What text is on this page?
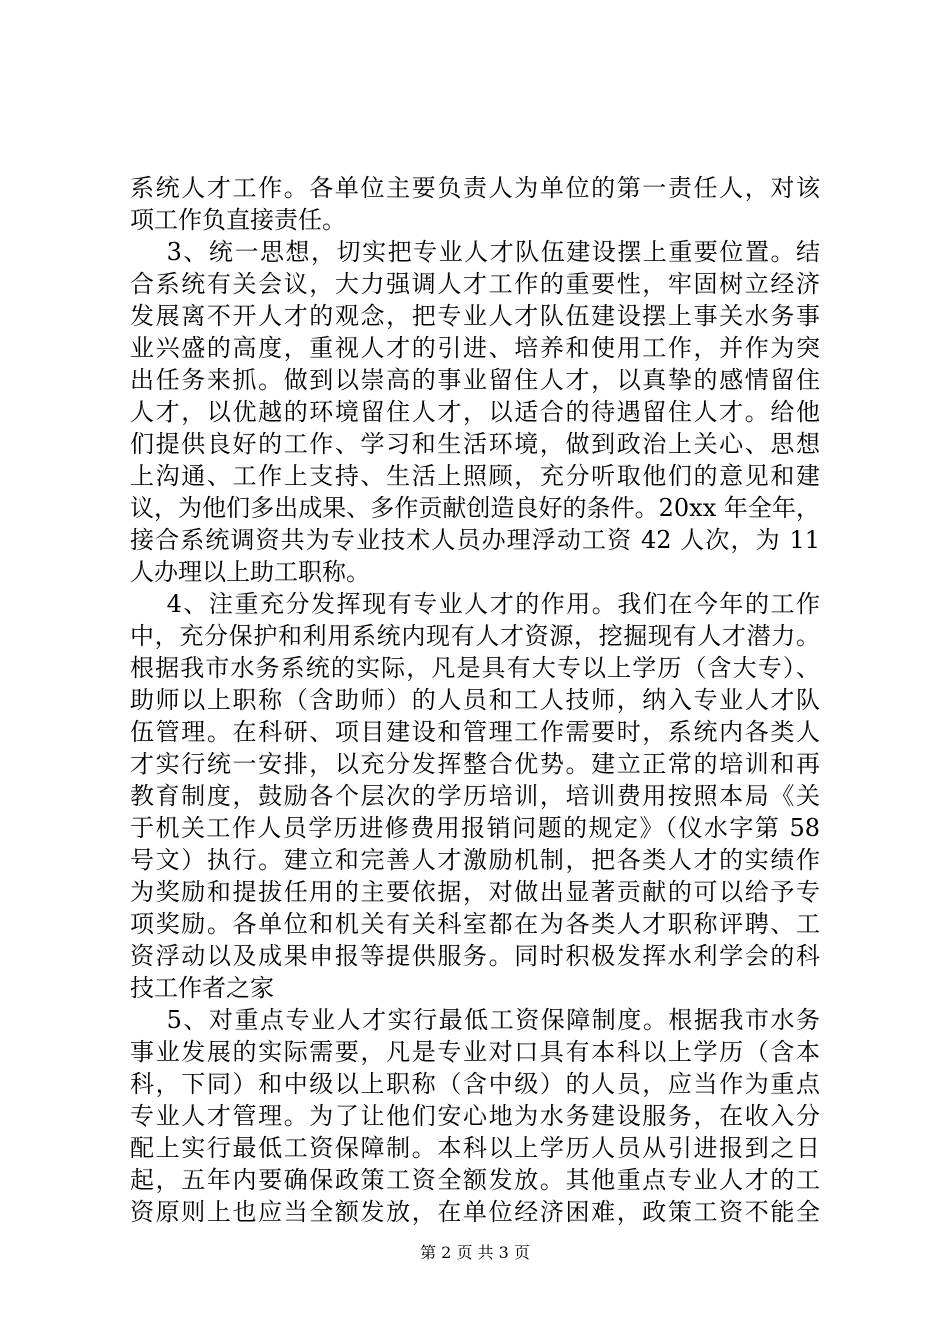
系统人才工作。各单位主要负责人为单位的第一责任人，对该
项工作负直接责任。
3、统一思想，切实把专业人才队伍建设摆上重要位置。结
合系统有关会议，大力强调人才工作的重要性，牢固树立经济
发展离不开人才的观念，把专业人才队伍建设摆上事关水务事
业兴盛的高度，重视人才的引进、培养和使用工作，并作为突
出任务来抓。做到以崇高的事业留住人才，以真挚的感情留住
人才，以优越的环境留住人才，以适合的待遇留住人才。给他
们提供良好的工作、学习和生活环境，做到政治上关心、思想
上沟通、工作上支持、生活上照顾，充分听取他们的意见和建
议，为他们多出成果、多作贡献创造良好的条件。20xx 年全年，
接合系统调资共为专业技术人员办理浮动工资 42 人次，为 11
人办理以上助工职称。
4、注重充分发挥现有专业人才的作用。我们在今年的工作
中，充分保护和利用系统内现有人才资源，挖掘现有人才潜力。
根据我市水务系统的实际，凡是具有大专以上学历（含大专）、
助师以上职称（含助师）的人员和工人技师，纳入专业人才队
伍管理。在科研、项目建设和管理工作需要时，系统内各类人
才实行统一安排，以充分发挥整合优势。建立正常的培训和再
教育制度，鼓励各个层次的学历培训，培训费用按照本局《关
于机关工作人员学历进修费用报销问题的规定》（仪水字第 58
号文）执行。建立和完善人才激励机制，把各类人才的实绩作
为奖励和提拔任用的主要依据，对做出显著贡献的可以给予专
项奖励。各单位和机关有关科室都在为各类人才职称评聘、工
资浮动以及成果申报等提供服务。同时积极发挥水利学会的科
技工作者之家
5、对重点专业人才实行最低工资保障制度。根据我市水务
事业发展的实际需要，凡是专业对口具有本科以上学历（含本
科，下同）和中级以上职称（含中级）的人员，应当作为重点
专业人才管理。为了让他们安心地为水务建设服务，在收入分
配上实行最低工资保障制。本科以上学历人员从引进报到之日
起，五年内要确保政策工资全额发放。其他重点专业人才的工
资原则上也应当全额发放，在单位经济困难，政策工资不能全
第 2 页 共 3 页
